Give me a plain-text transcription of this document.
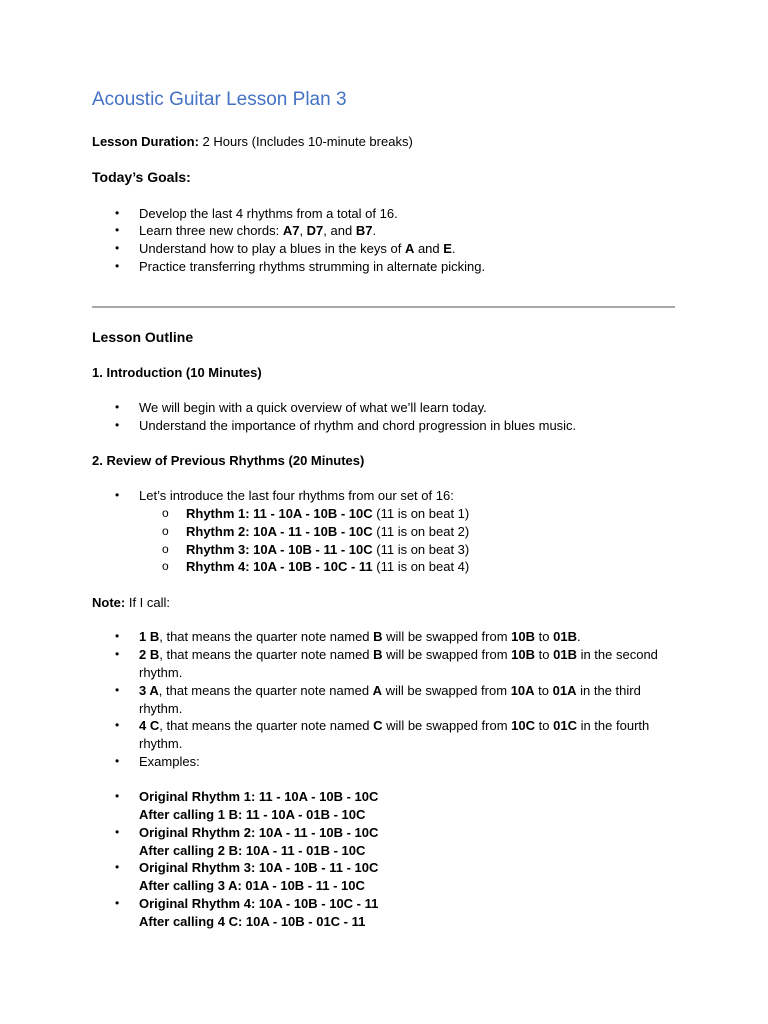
Acoustic Guitar Lesson Plan 3

Lesson Duration: 2 Hours (Includes 10-minute breaks)

Today’s Goals:
•	Develop the last 4 rhythms from a total of 16.
•	Learn three new chords: A7, D7, and B7.
•	Understand how to play a blues in the keys of A and E.
•	Practice transferring rhythms strumming in alternate picking.
Lesson Outline
1. Introduction (10 Minutes)
•	We will begin with a quick overview of what we’ll learn today.
•	Understand the importance of rhythm and chord progression in blues music.
2. Review of Previous Rhythms (20 Minutes)
•	Let’s introduce the last four rhythms from our set of 16:
o Rhythm 1: 11 - 10A - 10B - 10C (11 is on beat 1)
o Rhythm 2: 10A - 11 - 10B - 10C (11 is on beat 2)
o Rhythm 3: 10A - 10B - 11 - 10C (11 is on beat 3)
o Rhythm 4: 10A - 10B - 10C - 11 (11 is on beat 4)

Note: If I call:

•	1 B, that means the quarter note named B will be swapped from 10B to 01B.
•	2 B, that means the quarter note named B will be swapped from 10B to 01B in the second rhythm.
•	3 A, that means the quarter note named A will be swapped from 10A to 01A in the third rhythm.
•	4 C, that means the quarter note named C will be swapped from 10C to 01C in the fourth rhythm.
•	Examples:
•	Original Rhythm 1: 11 - 10A - 10B - 10C
After calling 1 B: 11 - 10A - 01B - 10C
•	Original Rhythm 2: 10A - 11 - 10B - 10C
After calling 2 B: 10A - 11 - 01B - 10C
•	Original Rhythm 3: 10A - 10B - 11 - 10C
After calling 3 A: 01A - 10B - 11 - 10C
•	Original Rhythm 4: 10A - 10B - 10C - 11
After calling 4 C: 10A - 10B - 01C - 11
